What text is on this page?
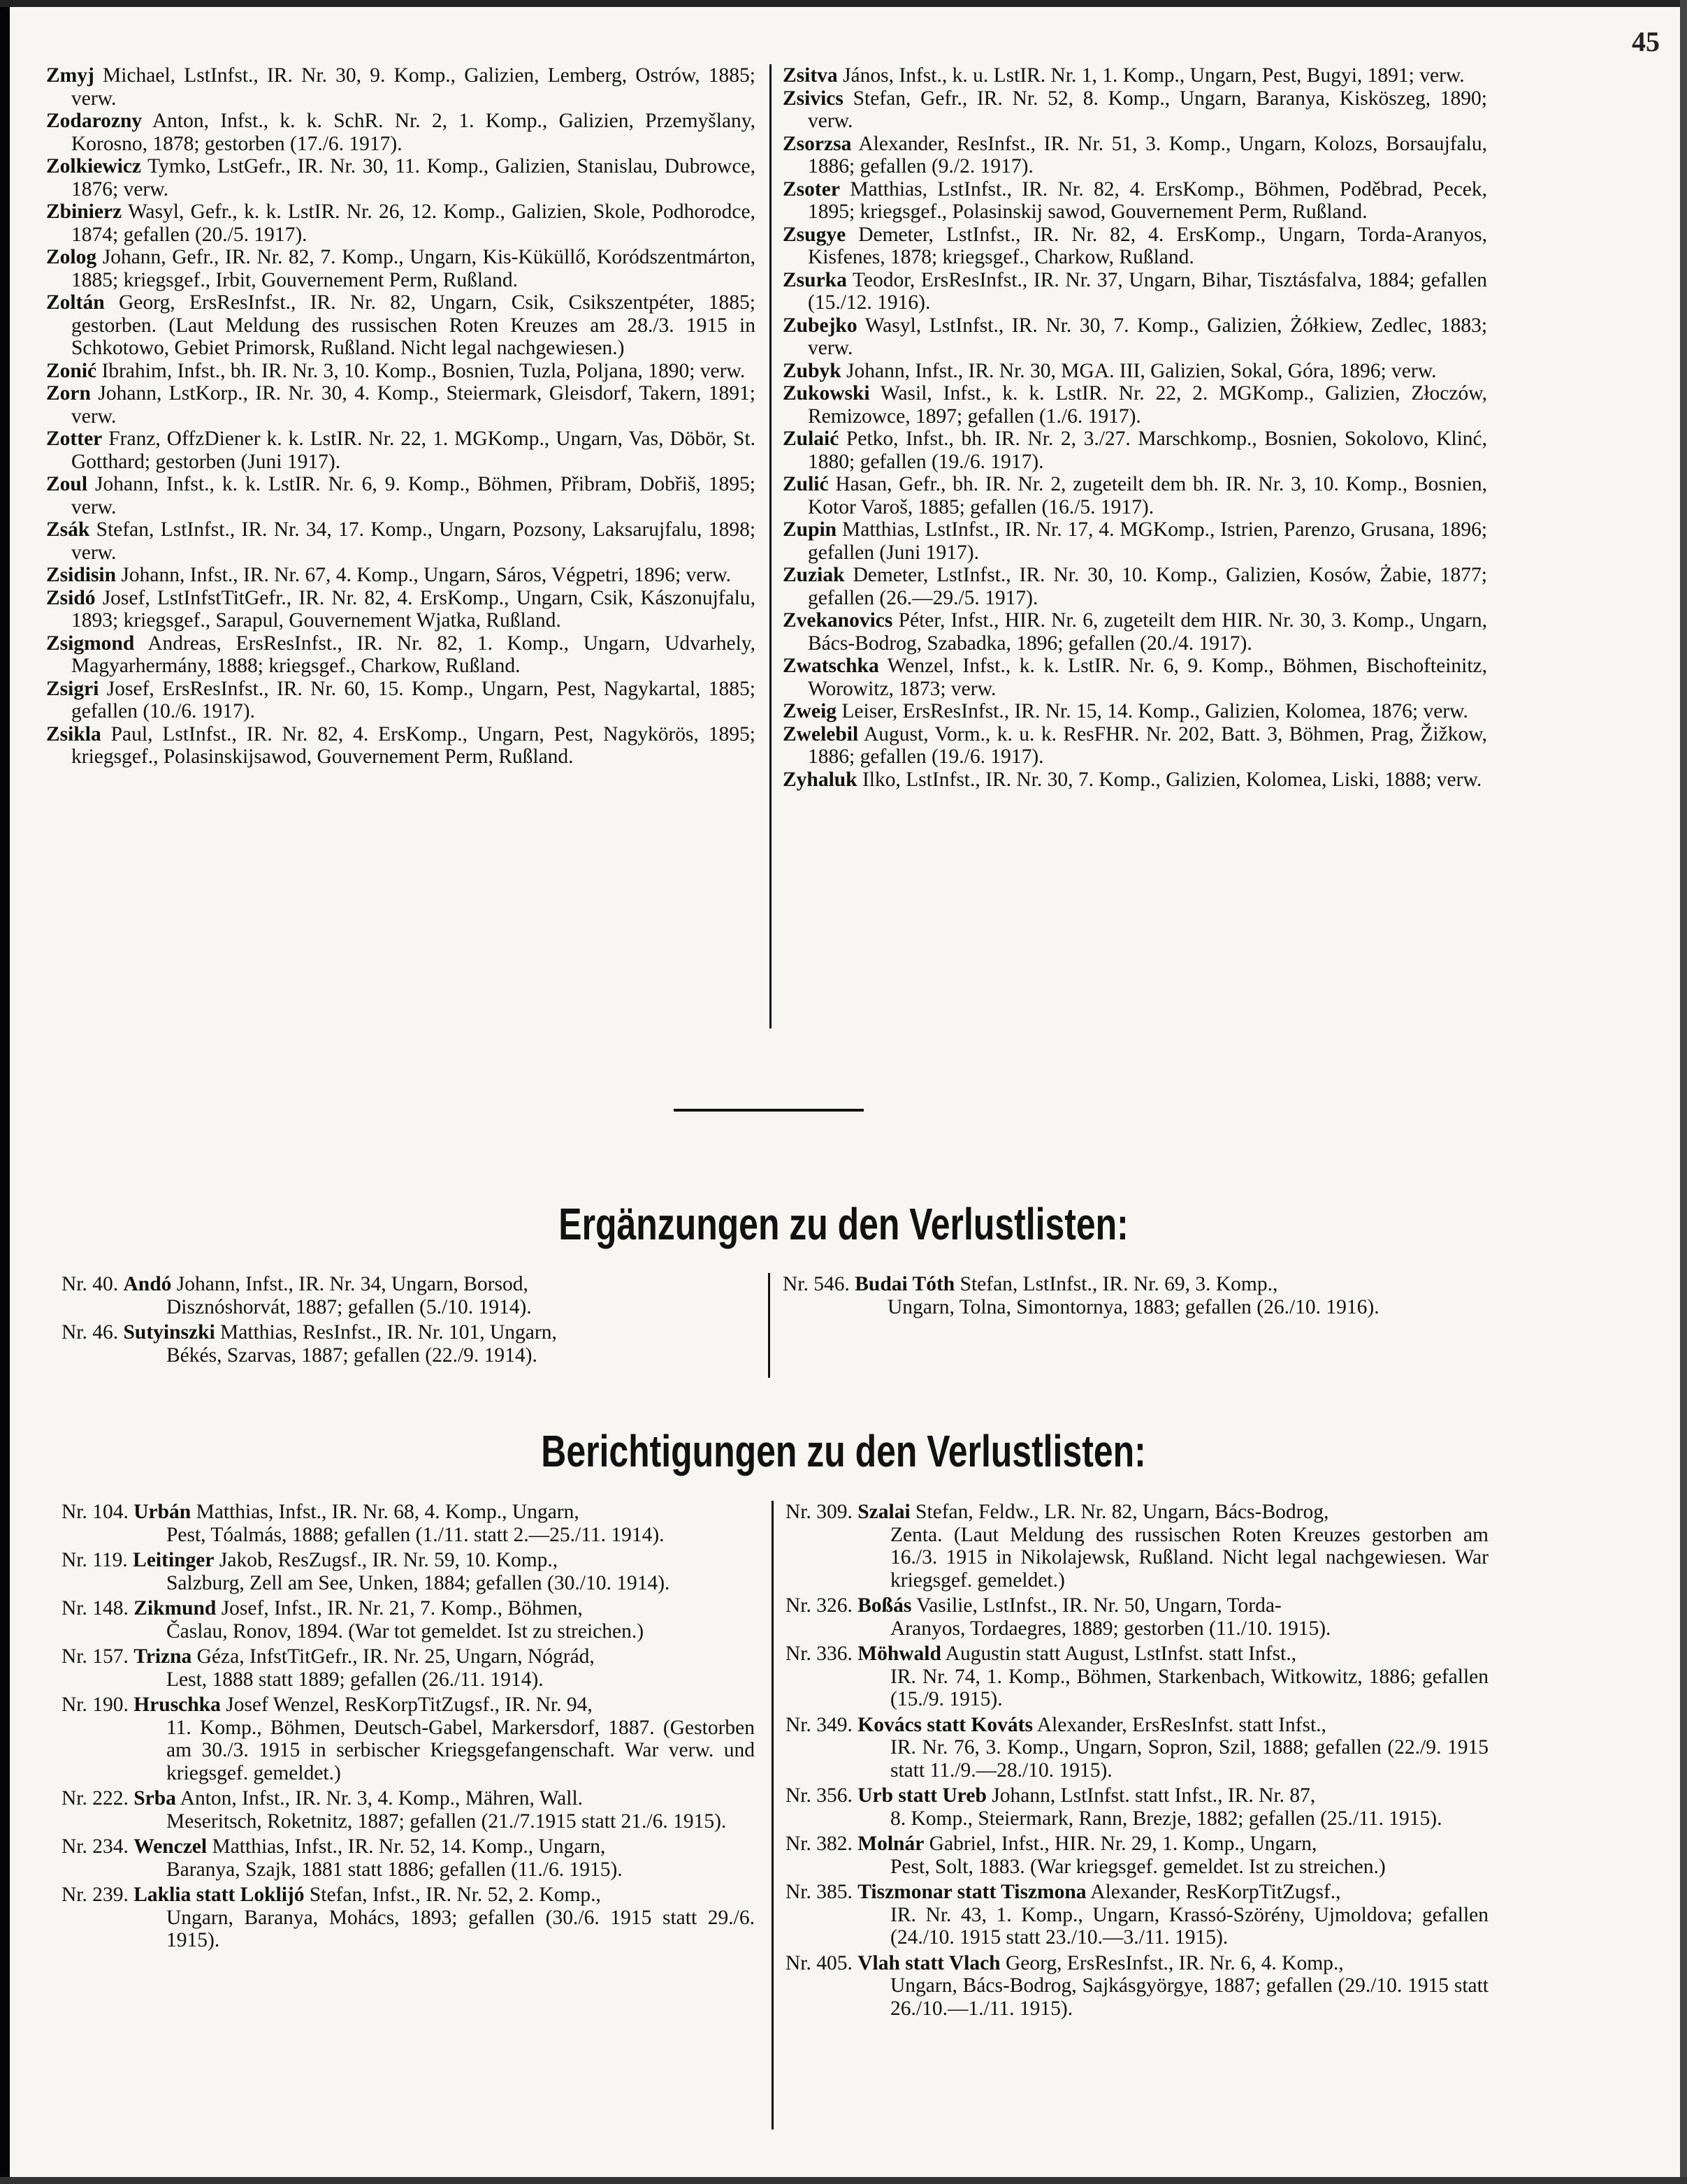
45

Zmyj Michael, LstInfst., IR. Nr. 30, 9. Komp., Galizien, Lemberg, Ostrów, 1885; verw.

Zodarozny Anton, Infst., k. k. SchR. Nr. 2, 1. Komp., Galizien, Przemyšlany, Korosno, 1878; gestorben (17./6. 1917).

Zolkiewicz Tymko, LstGefr., IR. Nr. 30, 11. Komp., Galizien, Stanislau, Dubrowce, 1876; verw.

Zbinierz Wasyl, Gefr., k. k. LstIR. Nr. 26, 12. Komp., Galizien, Skole, Podhorodce, 1874; gefallen (20./5. 1917).

Zolog Johann, Gefr., IR. Nr. 82, 7. Komp., Ungarn, Kis-Küküllő, Koródszentmárton, 1885; kriegsgef., Irbit, Gouvernement Perm, Rußland.

Zoltán Georg, ErsResInfst., IR. Nr. 82, Ungarn, Csik, Csikszentpéter, 1885; gestorben. (Laut Meldung des russischen Roten Kreuzes am 28./3. 1915 in Schkotowo, Gebiet Primorsk, Rußland. Nicht legal nachgewiesen.)

Zonić Ibrahim, Infst., bh. IR. Nr. 3, 10. Komp., Bosnien, Tuzla, Poljana, 1890; verw.

Zorn Johann, LstKorp., IR. Nr. 30, 4. Komp., Steiermark, Gleisdorf, Takern, 1891; verw.

Zotter Franz, OffzDiener k. k. LstIR. Nr. 22, 1. MGKomp., Ungarn, Vas, Döbör, St. Gotthard; gestorben (Juni 1917).

Zoul Johann, Infst., k. k. LstIR. Nr. 6, 9. Komp., Böhmen, Přibram, Dobřiš, 1895; verw.

Zsák Stefan, LstInfst., IR. Nr. 34, 17. Komp., Ungarn, Pozsony, Laksarujfalu, 1898; verw.

Zsidisin Johann, Infst., IR. Nr. 67, 4. Komp., Ungarn, Sáros, Végpetri, 1896; verw.

Zsidó Josef, LstInfstTitGefr., IR. Nr. 82, 4. ErsKomp., Ungarn, Csik, Kászonujfalu, 1893; kriegsgef., Sarapul, Gouvernement Wjatka, Rußland.

Zsigmond Andreas, ErsResInfst., IR. Nr. 82, 1. Komp., Ungarn, Udvarhely, Magyarhermány, 1888; kriegsgef., Charkow, Rußland.

Zsigri Josef, ErsResInfst., IR. Nr. 60, 15. Komp., Ungarn, Pest, Nagykartal, 1885; gefallen (10./6. 1917).

Zsikla Paul, LstInfst., IR. Nr. 82, 4. ErsKomp., Ungarn, Pest, Nagykörös, 1895; kriegsgef., Polasinskijsawod, Gouvernement Perm, Rußland.

Zsitva János, Infst., k. u. LstIR. Nr. 1, 1. Komp., Ungarn, Pest, Bugyi, 1891; verw.

Zsivics Stefan, Gefr., IR. Nr. 52, 8. Komp., Ungarn, Baranya, Kisköszeg, 1890; verw.

Zsorzsa Alexander, ResInfst., IR. Nr. 51, 3. Komp., Ungarn, Kolozs, Borsaujfalu, 1886; gefallen (9./2. 1917).

Zsoter Matthias, LstInfst., IR. Nr. 82, 4. ErsKomp., Böhmen, Poděbrad, Pecek, 1895; kriegsgef., Polasinskij sawod, Gouvernement Perm, Rußland.

Zsugye Demeter, LstInfst., IR. Nr. 82, 4. ErsKomp., Ungarn, Torda-Aranyos, Kisfenes, 1878; kriegsgef., Charkow, Rußland.

Zsurka Teodor, ErsResInfst., IR. Nr. 37, Ungarn, Bihar, Tisztásfalva, 1884; gefallen (15./12. 1916).

Zubejko Wasyl, LstInfst., IR. Nr. 30, 7. Komp., Galizien, Żółkiew, Zedlec, 1883; verw.

Zubyk Johann, Infst., IR. Nr. 30, MGA. III, Galizien, Sokal, Góra, 1896; verw.

Zukowski Wasil, Infst., k. k. LstIR. Nr. 22, 2. MGKomp., Galizien, Złoczów, Remizowce, 1897; gefallen (1./6. 1917).

Zulaić Petko, Infst., bh. IR. Nr. 2, 3./27. Marschkomp., Bosnien, Sokolovo, Klinć, 1880; gefallen (19./6. 1917).

Zulić Hasan, Gefr., bh. IR. Nr. 2, zugeteilt dem bh. IR. Nr. 3, 10. Komp., Bosnien, Kotor Varoš, 1885; gefallen (16./5. 1917).

Zupin Matthias, LstInfst., IR. Nr. 17, 4. MGKomp., Istrien, Parenzo, Grusana, 1896; gefallen (Juni 1917).

Zuziak Demeter, LstInfst., IR. Nr. 30, 10. Komp., Galizien, Kosów, Żabie, 1877; gefallen (26.—29./5. 1917).

Zvekanovics Péter, Infst., HIR. Nr. 6, zugeteilt dem HIR. Nr. 30, 3. Komp., Ungarn, Bács-Bodrog, Szabadka, 1896; gefallen (20./4. 1917).

Zwatschka Wenzel, Infst., k. k. LstIR. Nr. 6, 9. Komp., Böhmen, Bischofteinitz, Worowitz, 1873; verw.

Zweig Leiser, ErsResInfst., IR. Nr. 15, 14. Komp., Galizien, Kolomea, 1876; verw.

Zwelebil August, Vorm., k. u. k. ResFHR. Nr. 202, Batt. 3, Böhmen, Prag, Žižkow, 1886; gefallen (19./6. 1917).

Zyhaluk Ilko, LstInfst., IR. Nr. 30, 7. Komp., Galizien, Kolomea, Liski, 1888; verw.

Ergänzungen zu den Verlustlisten:
Nr. 40. Andó Johann, Infst., IR. Nr. 34, Ungarn, Borsod,
Disznóshorvát, 1887; gefallen (5./10. 1914).
Nr. 46. Sutyinszki Matthias, ResInfst., IR. Nr. 101, Ungarn,
Békés, Szarvas, 1887; gefallen (22./9. 1914).
Nr. 546. Budai Tóth Stefan, LstInfst., IR. Nr. 69, 3. Komp.,
Ungarn, Tolna, Simontornya, 1883; gefallen (26./10. 1916).
Berichtigungen zu den Verlustlisten:
Nr. 104. Urbán Matthias, Infst., IR. Nr. 68, 4. Komp., Ungarn,
Pest, Tóalmás, 1888; gefallen (1./11. statt 2.—25./11. 1914).
Nr. 119. Leitinger Jakob, ResZugsf., IR. Nr. 59, 10. Komp.,
Salzburg, Zell am See, Unken, 1884; gefallen (30./10. 1914).
Nr. 148. Zikmund Josef, Infst., IR. Nr. 21, 7. Komp., Böhmen,
Časlau, Ronov, 1894. (War tot gemeldet. Ist zu streichen.)
Nr. 157. Trizna Géza, InfstTitGefr., IR. Nr. 25, Ungarn, Nógrád,
Lest, 1888 statt 1889; gefallen (26./11. 1914).
Nr. 190. Hruschka Josef Wenzel, ResKorpTitZugsf., IR. Nr. 94,
11. Komp., Böhmen, Deutsch-Gabel, Markersdorf, 1887. (Gestorben am 30./3. 1915 in serbischer Kriegsgefangenschaft. War verw. und kriegsgef. gemeldet.)
Nr. 222. Srba Anton, Infst., IR. Nr. 3, 4. Komp., Mähren, Wall.
Meseritsch, Roketnitz, 1887; gefallen (21./7.1915 statt 21./6. 1915).
Nr. 234. Wenczel Matthias, Infst., IR. Nr. 52, 14. Komp., Ungarn,
Baranya, Szajk, 1881 statt 1886; gefallen (11./6. 1915).
Nr. 239. Laklia statt Loklijó Stefan, Infst., IR. Nr. 52, 2. Komp.,
Ungarn, Baranya, Mohács, 1893; gefallen (30./6. 1915 statt 29./6. 1915).
Nr. 309. Szalai Stefan, Feldw., LR. Nr. 82, Ungarn, Bács-Bodrog,
Zenta. (Laut Meldung des russischen Roten Kreuzes gestorben am 16./3. 1915 in Nikolajewsk, Rußland. Nicht legal nachgewiesen. War kriegsgef. gemeldet.)
Nr. 326. Boßás Vasilie, LstInfst., IR. Nr. 50, Ungarn, Torda-
Aranyos, Tordaegres, 1889; gestorben (11./10. 1915).
Nr. 336. Möhwald Augustin statt August, LstInfst. statt Infst.,
IR. Nr. 74, 1. Komp., Böhmen, Starkenbach, Witkowitz, 1886; gefallen (15./9. 1915).
Nr. 349. Kovács statt Kováts Alexander, ErsResInfst. statt Infst.,
IR. Nr. 76, 3. Komp., Ungarn, Sopron, Szil, 1888; gefallen (22./9. 1915 statt 11./9.—28./10. 1915).
Nr. 356. Urb statt Ureb Johann, LstInfst. statt Infst., IR. Nr. 87,
8. Komp., Steiermark, Rann, Brezje, 1882; gefallen (25./11. 1915).
Nr. 382. Molnár Gabriel, Infst., HIR. Nr. 29, 1. Komp., Ungarn,
Pest, Solt, 1883. (War kriegsgef. gemeldet. Ist zu streichen.)
Nr. 385. Tiszmonar statt Tiszmona Alexander, ResKorpTitZugsf.,
IR. Nr. 43, 1. Komp., Ungarn, Krassó-Szörény, Ujmoldova; gefallen (24./10. 1915 statt 23./10.—3./11. 1915).
Nr. 405. Vlah statt Vlach Georg, ErsResInfst., IR. Nr. 6, 4. Komp.,
Ungarn, Bács-Bodrog, Sajkásgyörgye, 1887; gefallen (29./10. 1915 statt 26./10.—1./11. 1915).
